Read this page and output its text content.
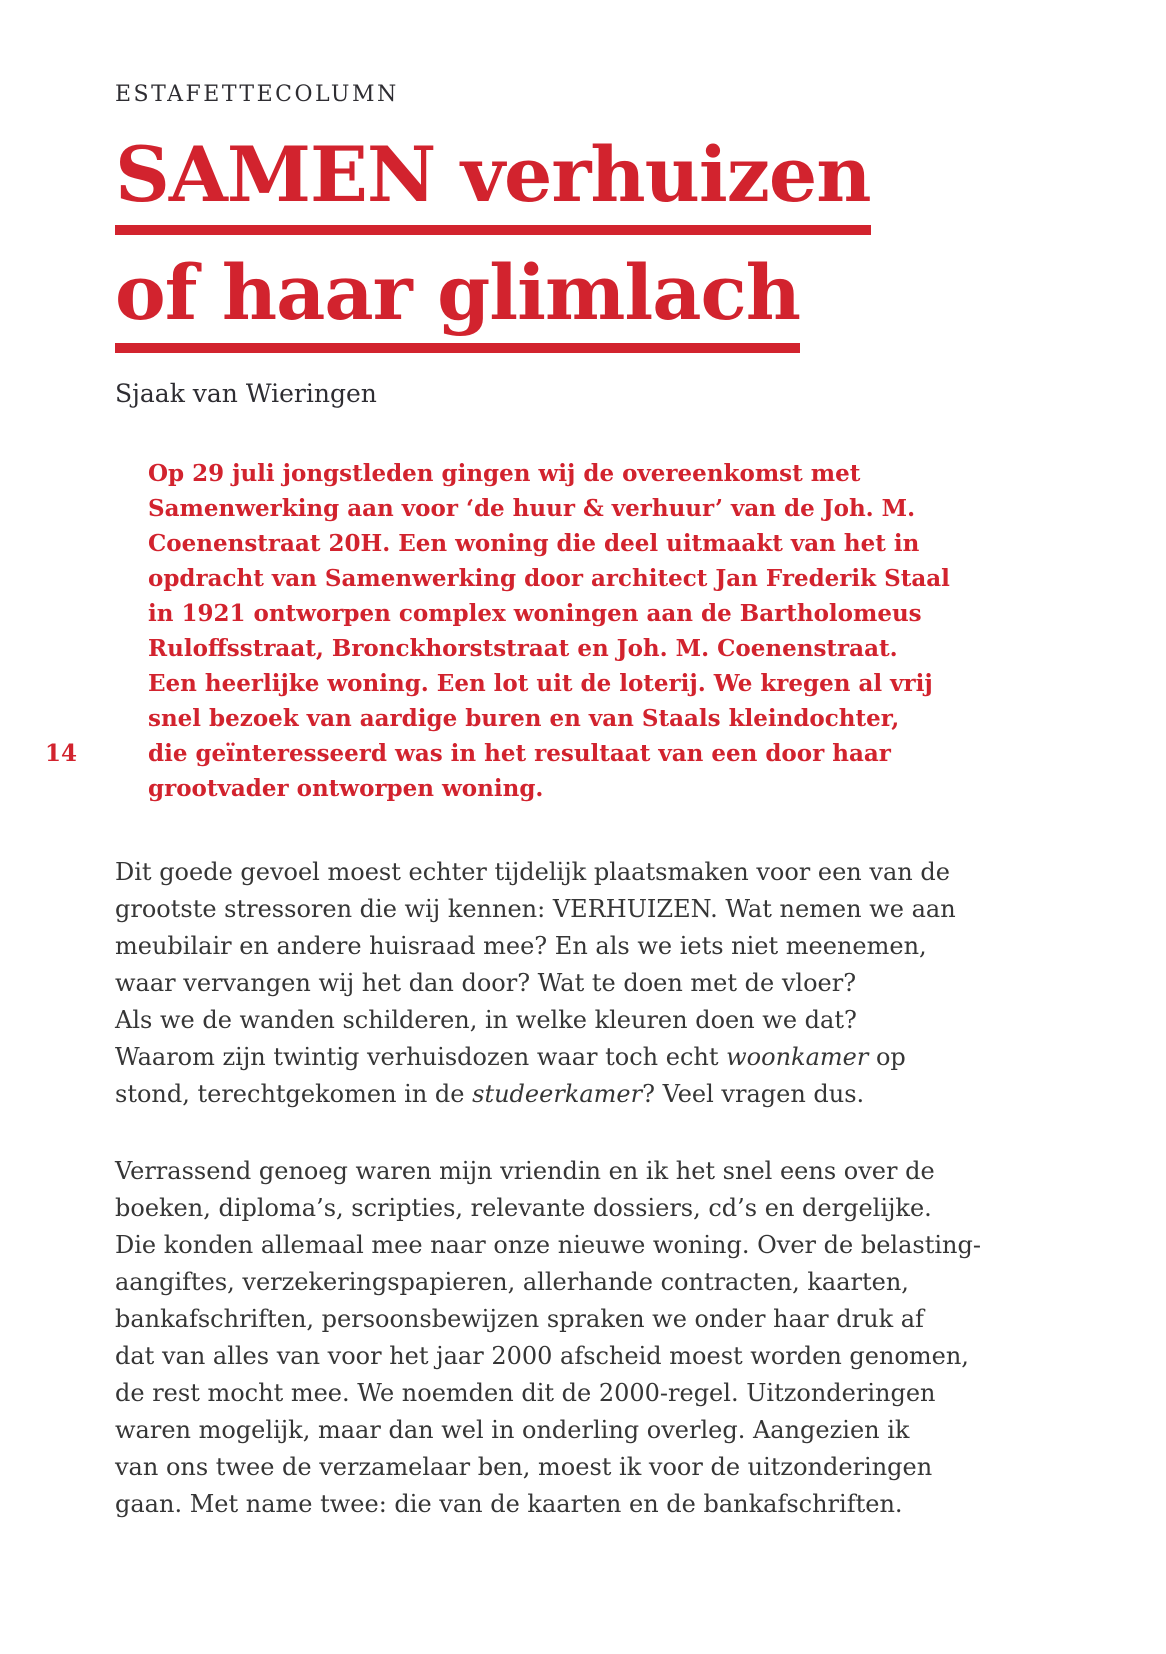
ESTAFETTECOLUMN
SAMEN verhuizen
of haar glimlach
Sjaak van Wieringen
Op 29 juli jongstleden gingen wij de overeenkomst met
Samenwerking aan voor ‘de huur & verhuur’ van de Joh. M.
Coenenstraat 20H. Een woning die deel uitmaakt van het in
opdracht van Samenwerking door architect Jan Frederik Staal
in 1921 ontworpen complex woningen aan de Bartholomeus
Ruloffsstraat, Bronckhorststraat en Joh. M. Coenenstraat.
Een heerlijke woning. Een lot uit de loterij. We kregen al vrij
snel bezoek van aardige buren en van Staals kleindochter,
die geïnteresseerd was in het resultaat van een door haar
grootvader ontworpen woning.
Dit goede gevoel moest echter tijdelijk plaatsmaken voor een van de
grootste stressoren die wij kennen: VERHUIZEN. Wat nemen we aan
meubilair en andere huisraad mee? En als we iets niet meenemen,
waar vervangen wij het dan door? Wat te doen met de vloer?
Als we de wanden schilderen, in welke kleuren doen we dat?
Waarom zijn twintig verhuisdozen waar toch echt woonkamer op
stond, terechtgekomen in de studeerkamer? Veel vragen dus.
Verrassend genoeg waren mijn vriendin en ik het snel eens over de
boeken, diploma’s, scripties, relevante dossiers, cd’s en dergelijke.
Die konden allemaal mee naar onze nieuwe woning. Over de belasting-
aangiftes, verzekeringspapieren, allerhande contracten, kaarten,
bankafschriften, persoonsbewijzen spraken we onder haar druk af
dat van alles van voor het jaar 2000 afscheid moest worden genomen,
de rest mocht mee. We noemden dit de 2000-regel. Uitzonderingen
waren mogelijk, maar dan wel in onderling overleg. Aangezien ik
van ons twee de verzamelaar ben, moest ik voor de uitzonderingen
gaan. Met name twee: die van de kaarten en de bankafschriften.
14
